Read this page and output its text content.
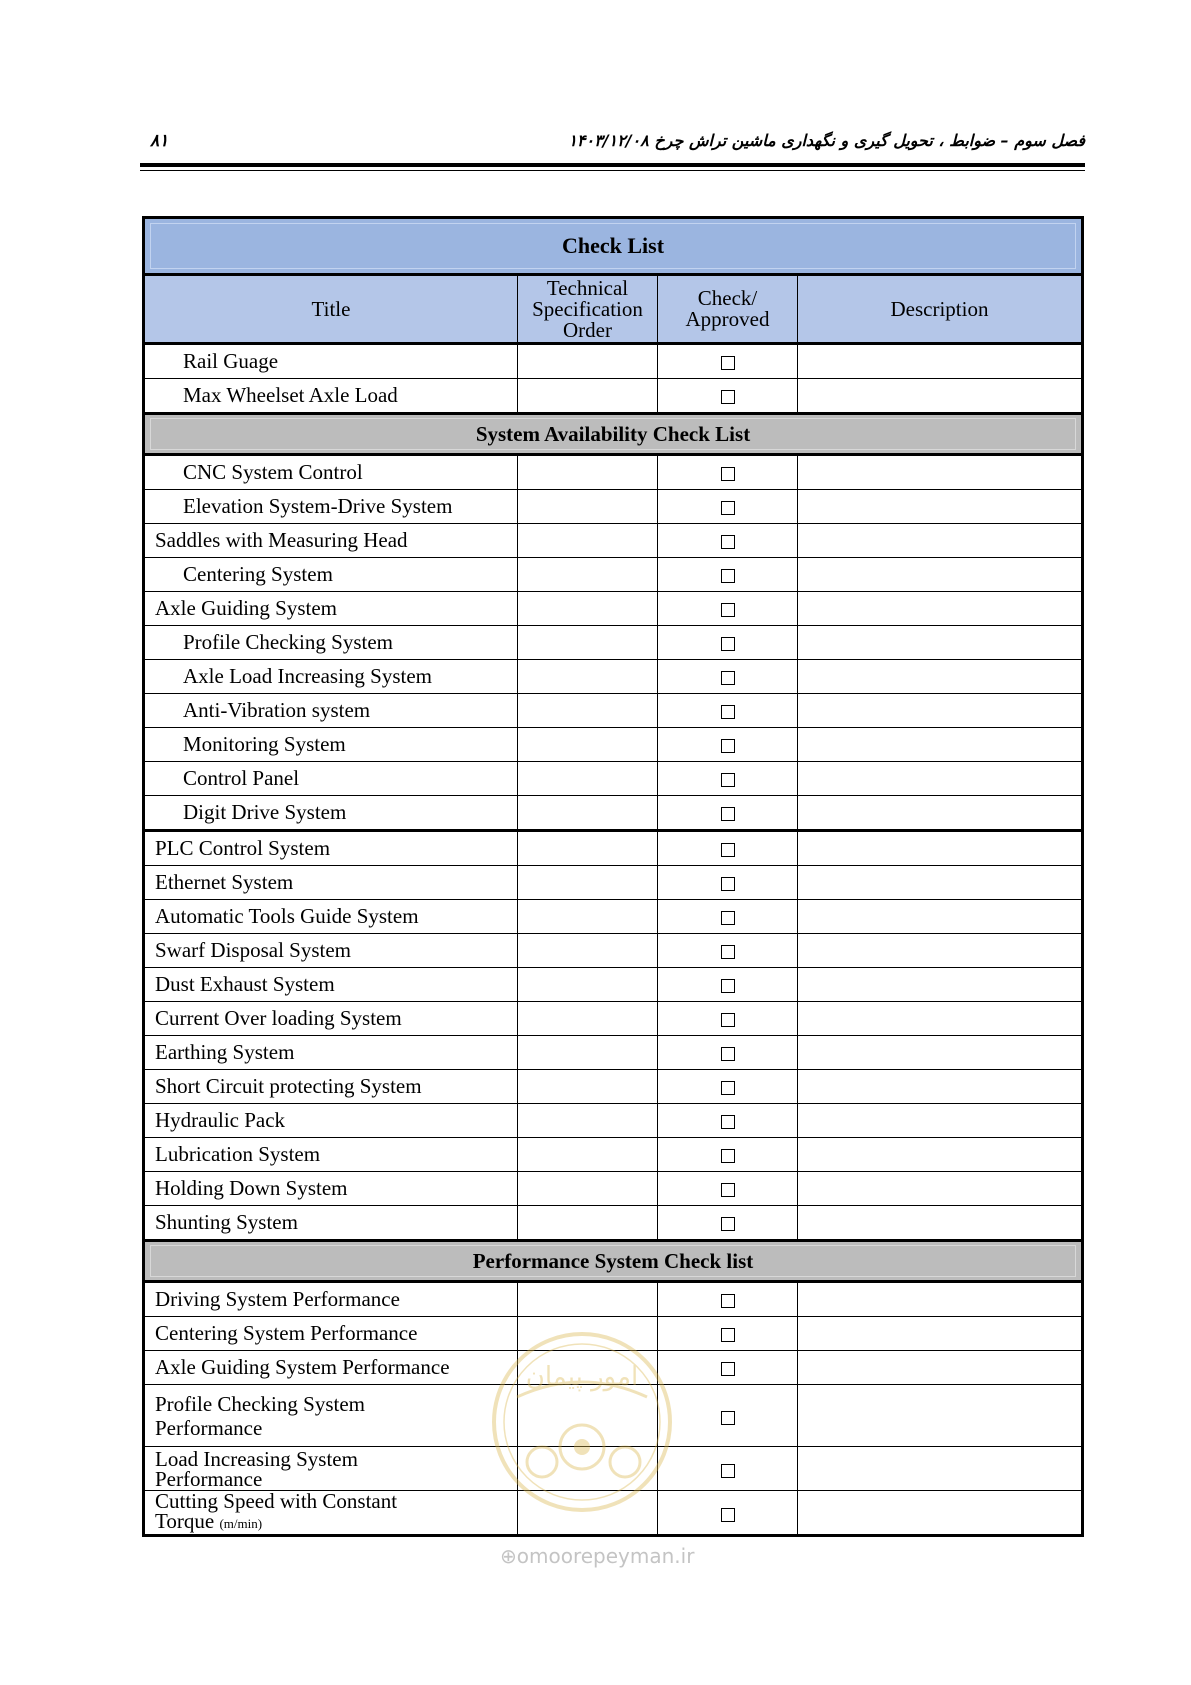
۸۱	فصل سوم – ضوابط ، تحویل گیری و نگهداری ماشین تراش چرخ ۱۴۰۳/۱۲/۰۸
Check List			

Title	Technical Specification Order	Check/ Approved	Description
Rail Guage			
Max Wheelset Axle Load			

System Availability Check List			

CNC System Control			
Elevation System-Drive System			
Saddles with Measuring Head			
Centering System			
Axle Guiding System			
Profile Checking System			
Axle Load Increasing System			
Anti-Vibration system			
Monitoring System			
Control Panel			
Digit Drive System			
PLC Control System			
Ethernet System			
Automatic Tools Guide System			
Swarf Disposal System			
Dust Exhaust System			
Current Over loading System			
Earthing System			
Short Circuit protecting System			
Hydraulic Pack			
Lubrication System			
Holding Down System			
Shunting System			

Performance System Check list			

Driving System Performance			
Centering System Performance			
Axle Guiding System Performance			

Profile Checking System
Performance			

Load Increasing System
Performance			

Cutting Speed with Constant
Torque (m/min)			

امور پیمان
⊕omoorepeyman.ir
